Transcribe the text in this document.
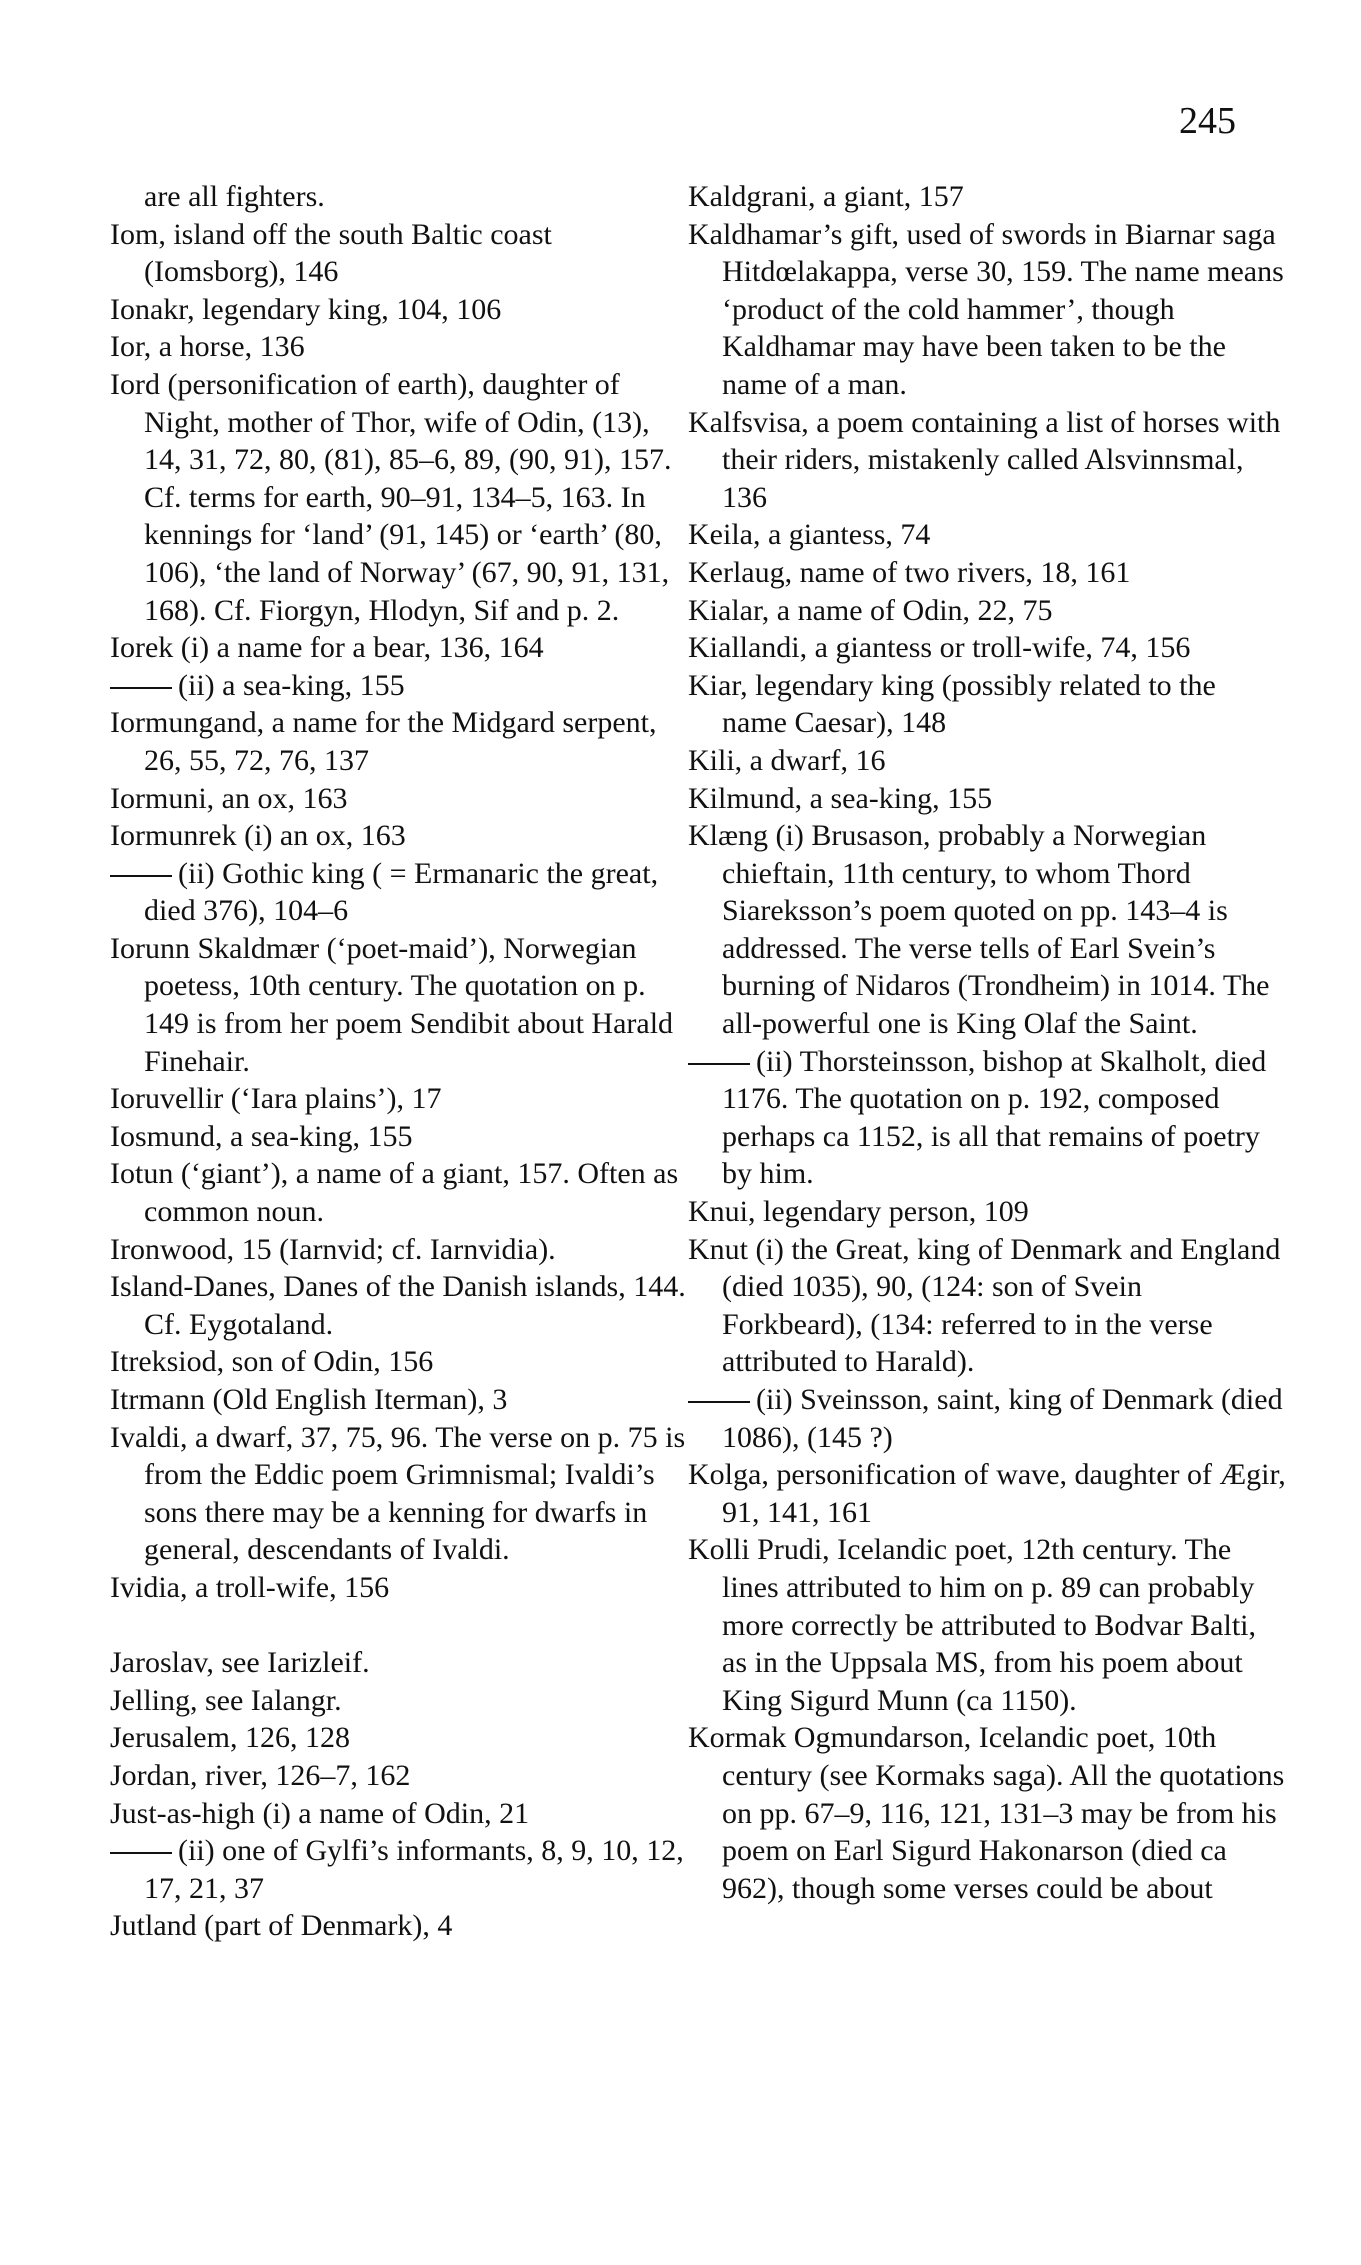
245

are all fighters.

Iom, island off the south Baltic coast (Iomsborg), 146

Ionakr, legendary king, 104, 106

Ior, a horse, 136

Iord (personification of earth), daughter of Night, mother of Thor, wife of Odin, (13), 14, 31, 72, 80, (81), 85–6, 89, (90, 91), 157. Cf. terms for earth, 90–91, 134–5, 163. In kennings for ‘land’ (91, 145) or ‘earth’ (80, 106), ‘the land of Norway’ (67, 90, 91, 131, 168). Cf. Fiorgyn, Hlodyn, Sif and p. 2.

Iorek (i) a name for a bear, 136, 164

(ii) a sea-king, 155

Iormungand, a name for the Midgard serpent, 26, 55, 72, 76, 137

Iormuni, an ox, 163

Iormunrek (i) an ox, 163

(ii) Gothic king ( = Ermanaric the great, died 376), 104–6

Iorunn Skaldmær (‘poet-maid’), Norwegian poetess, 10th century. The quotation on p. 149 is from her poem Sendibit about Harald Finehair.

Ioruvellir (‘Iara plains’), 17

Iosmund, a sea-king, 155

Iotun (‘giant’), a name of a giant, 157. Often as common noun.

Ironwood, 15 (Iarnvid; cf. Iarnvidia).

Island-Danes, Danes of the Danish islands, 144. Cf. Eygotaland.

Itreksiod, son of Odin, 156

Itrmann (Old English Iterman), 3

Ivaldi, a dwarf, 37, 75, 96. The verse on p. 75 is from the Eddic poem Grimnismal; Ivaldi’s sons there may be a kenning for dwarfs in general, descendants of Ivaldi.

Ividia, a troll-wife, 156

Jaroslav, see Iarizleif.

Jelling, see Ialangr.

Jerusalem, 126, 128

Jordan, river, 126–7, 162

Just-as-high (i) a name of Odin, 21

(ii) one of Gylfi’s informants, 8, 9, 10, 12, 17, 21, 37

Jutland (part of Denmark), 4

Kaldgrani, a giant, 157

Kaldhamar’s gift, used of swords in Biarnar saga Hitdœlakappa, verse 30, 159. The name means ‘product of the cold hammer’, though Kaldhamar may have been taken to be the name of a man.

Kalfsvisa, a poem containing a list of horses with their riders, mistakenly called Alsvinnsmal, 136

Keila, a giantess, 74

Kerlaug, name of two rivers, 18, 161

Kialar, a name of Odin, 22, 75

Kiallandi, a giantess or troll-wife, 74, 156

Kiar, legendary king (possibly related to the name Caesar), 148

Kili, a dwarf, 16

Kilmund, a sea-king, 155

Klæng (i) Brusason, probably a Norwegian chieftain, 11th century, to whom Thord Siareksson’s poem quoted on pp. 143–4 is addressed. The verse tells of Earl Svein’s burning of Nidaros (Trondheim) in 1014. The all-powerful one is King Olaf the Saint.

(ii) Thorsteinsson, bishop at Skalholt, died 1176. The quotation on p. 192, composed perhaps ca 1152, is all that remains of poetry by him.

Knui, legendary person, 109

Knut (i) the Great, king of Denmark and England (died 1035), 90, (124: son of Svein Forkbeard), (134: referred to in the verse attributed to Harald).

(ii) Sveinsson, saint, king of Denmark (died 1086), (145 ?)

Kolga, personification of wave, daughter of Ægir, 91, 141, 161

Kolli Prudi, Icelandic poet, 12th century. The lines attributed to him on p. 89 can probably more correctly be attributed to Bodvar Balti, as in the Uppsala MS, from his poem about King Sigurd Munn (ca 1150).

Kormak Ogmundarson, Icelandic poet, 10th century (see Kormaks saga). All the quotations on pp. 67–9, 116, 121, 131–3 may be from his poem on Earl Sigurd Hakonarson (died ca 962), though some verses could be about
